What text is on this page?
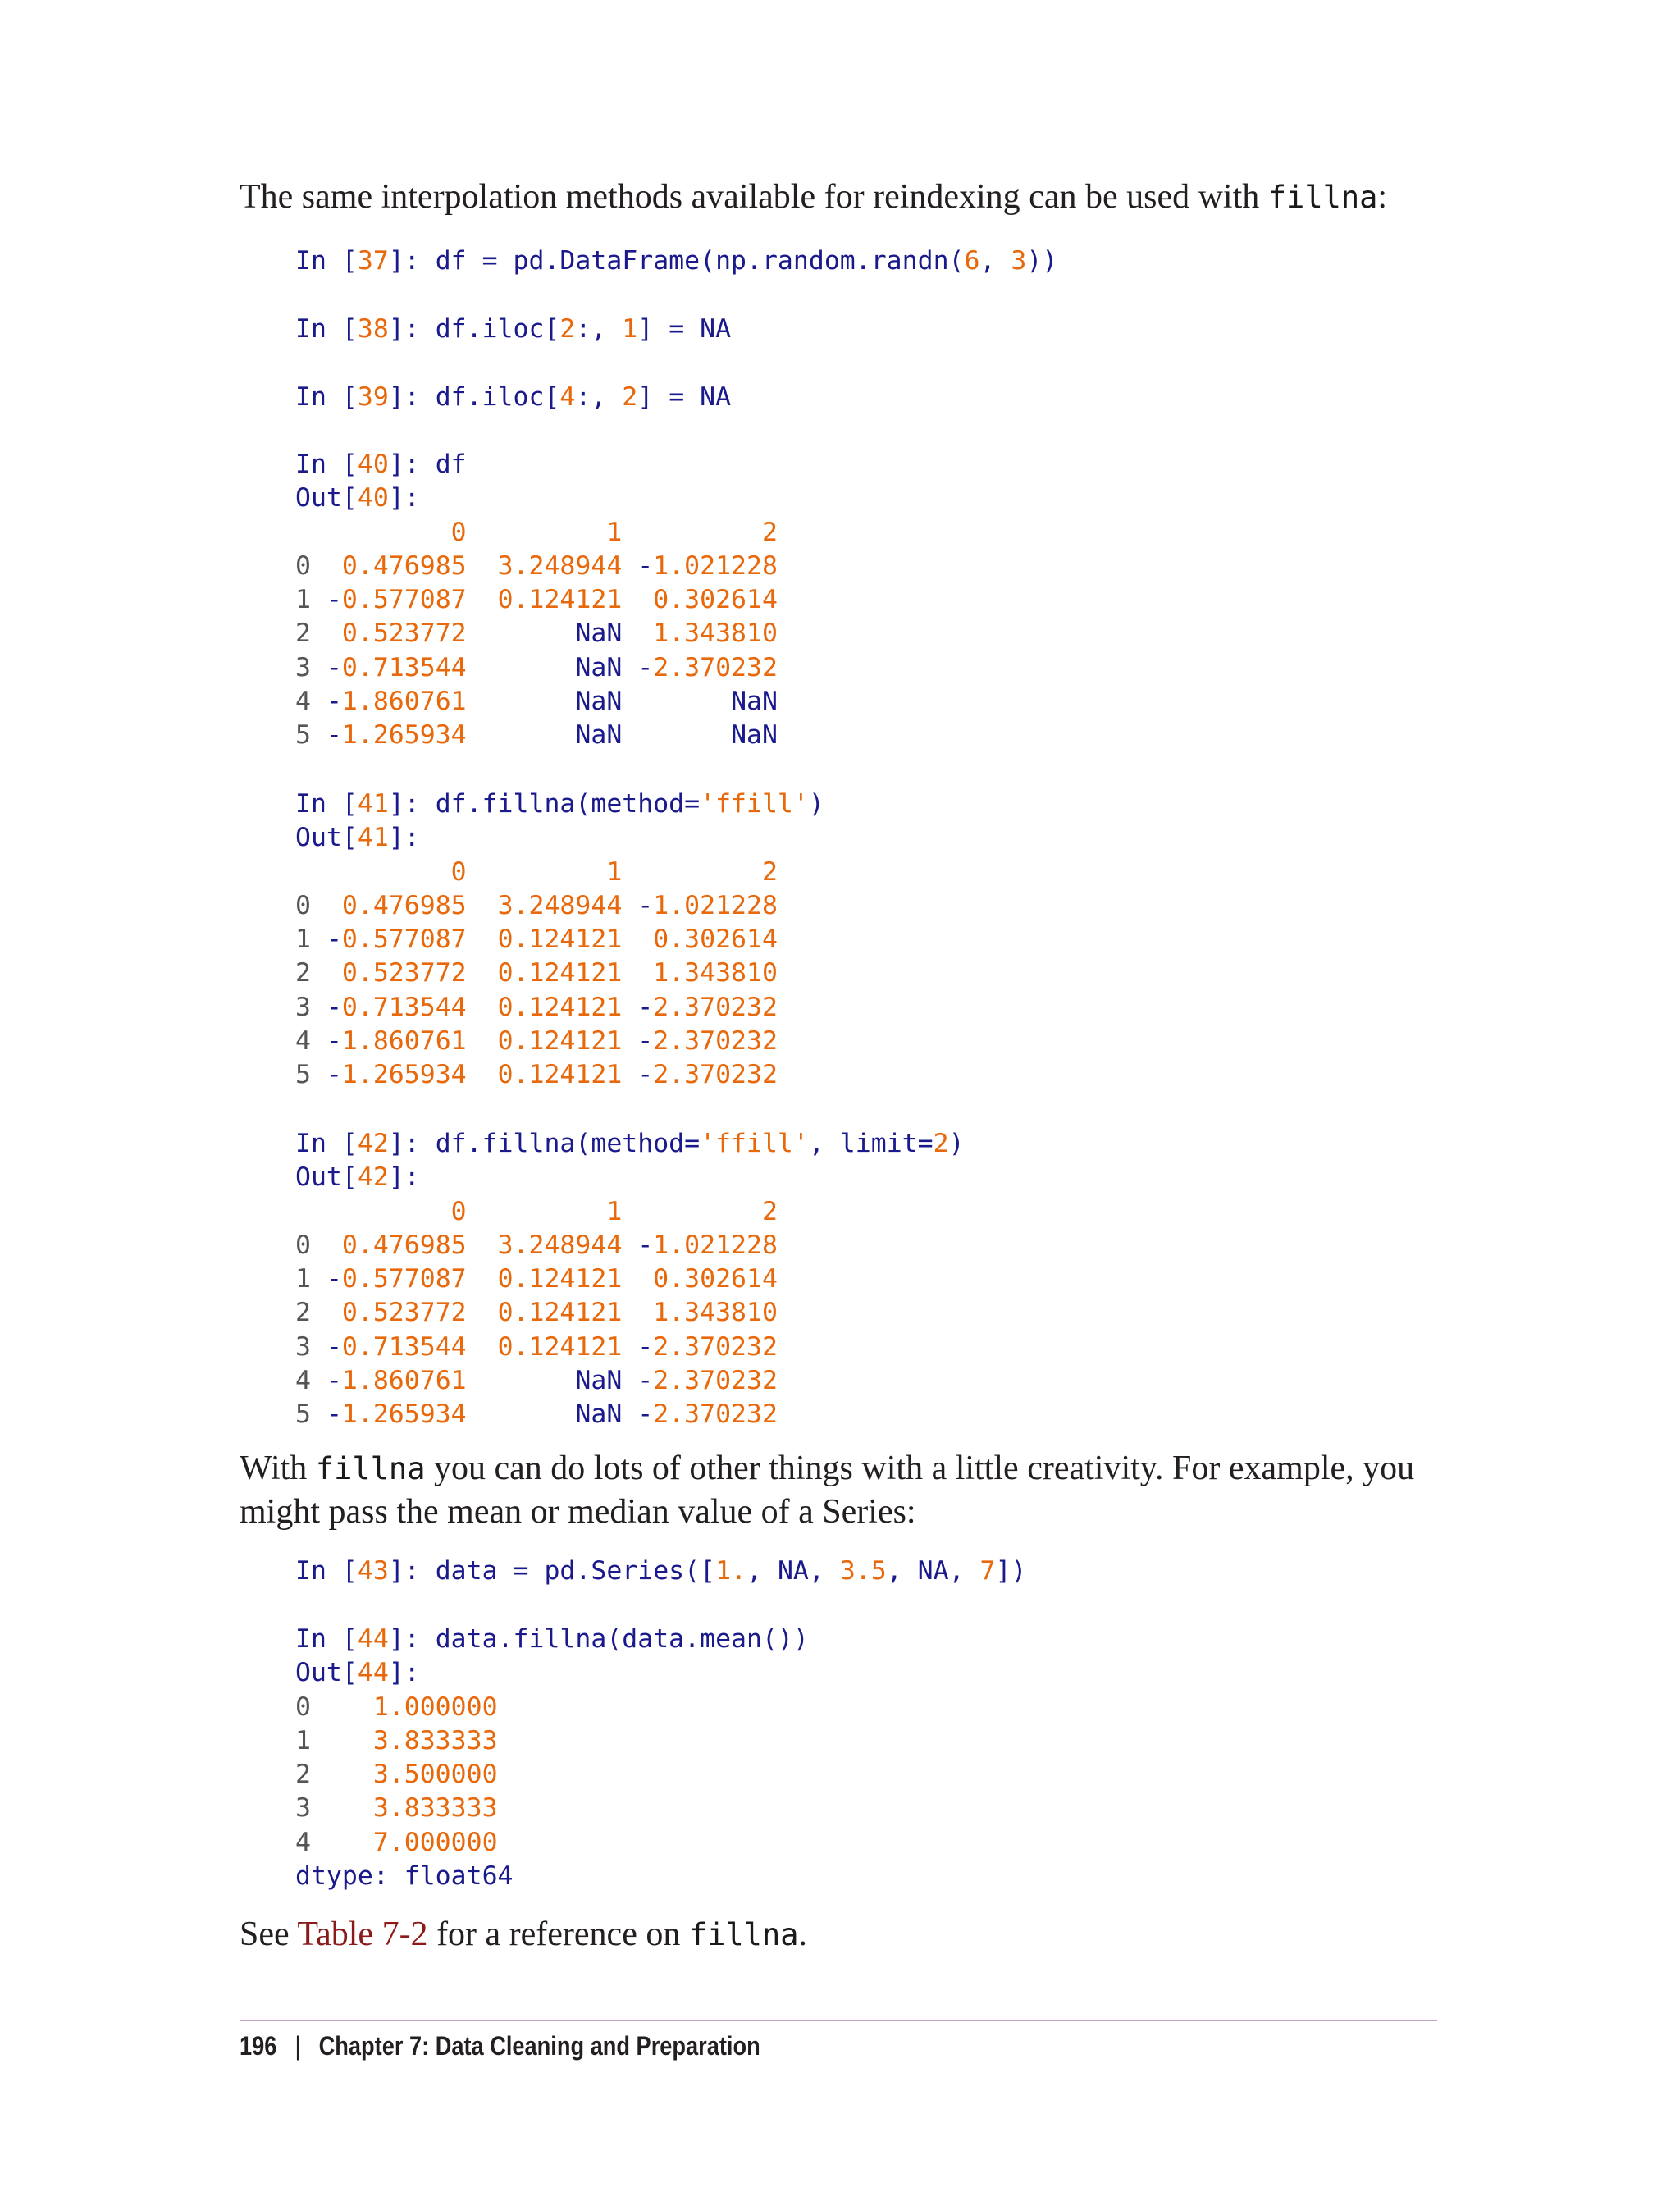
The same interpolation methods available for reindexing can be used with fillna:

In [37]: df = pd.DataFrame(np.random.randn(6, 3))
In [38]: df.iloc[2:, 1] = NA
In [39]: df.iloc[4:, 2] = NA
In [40]: df
Out[40]:
0	1	2
0 0.476985 3.248944 -1.021228
1 -0.577087 0.124121 0.302614
2 0.523772	NaN 1.343810
3 -0.713544	NaN -2.370232
4 -1.860761	NaN	NaN
5 -1.265934	NaN	NaN
In [41]: df.fillna(method='ffill')
Out[41]:
0	1	2
0 0.476985 3.248944 -1.021228
1 -0.577087 0.124121 0.302614
2 0.523772 0.124121 1.343810
3 -0.713544 0.124121 -2.370232
4 -1.860761 0.124121 -2.370232
5 -1.265934 0.124121 -2.370232
In [42]: df.fillna(method='ffill', limit=2)
Out[42]:
0	1	2
0 0.476985 3.248944 -1.021228
1 -0.577087 0.124121 0.302614
2 0.523772 0.124121 1.343810
3 -0.713544 0.124121 -2.370232
4 -1.860761	NaN -2.370232
5 -1.265934	NaN -2.370232

With fillna you can do lots of other things with a little creativity. For example, you might pass the mean or median value of a Series:

In [43]: data = pd.Series([1., NA, 3.5, NA, 7])
In [44]: data.fillna(data.mean())
Out[44]:
0 1.000000
1 3.833333
2 3.500000
3 3.833333
4 7.000000
dtype: float64

See Table 7-2 for a reference on fillna.

196 | Chapter 7: Data Cleaning and Preparation
